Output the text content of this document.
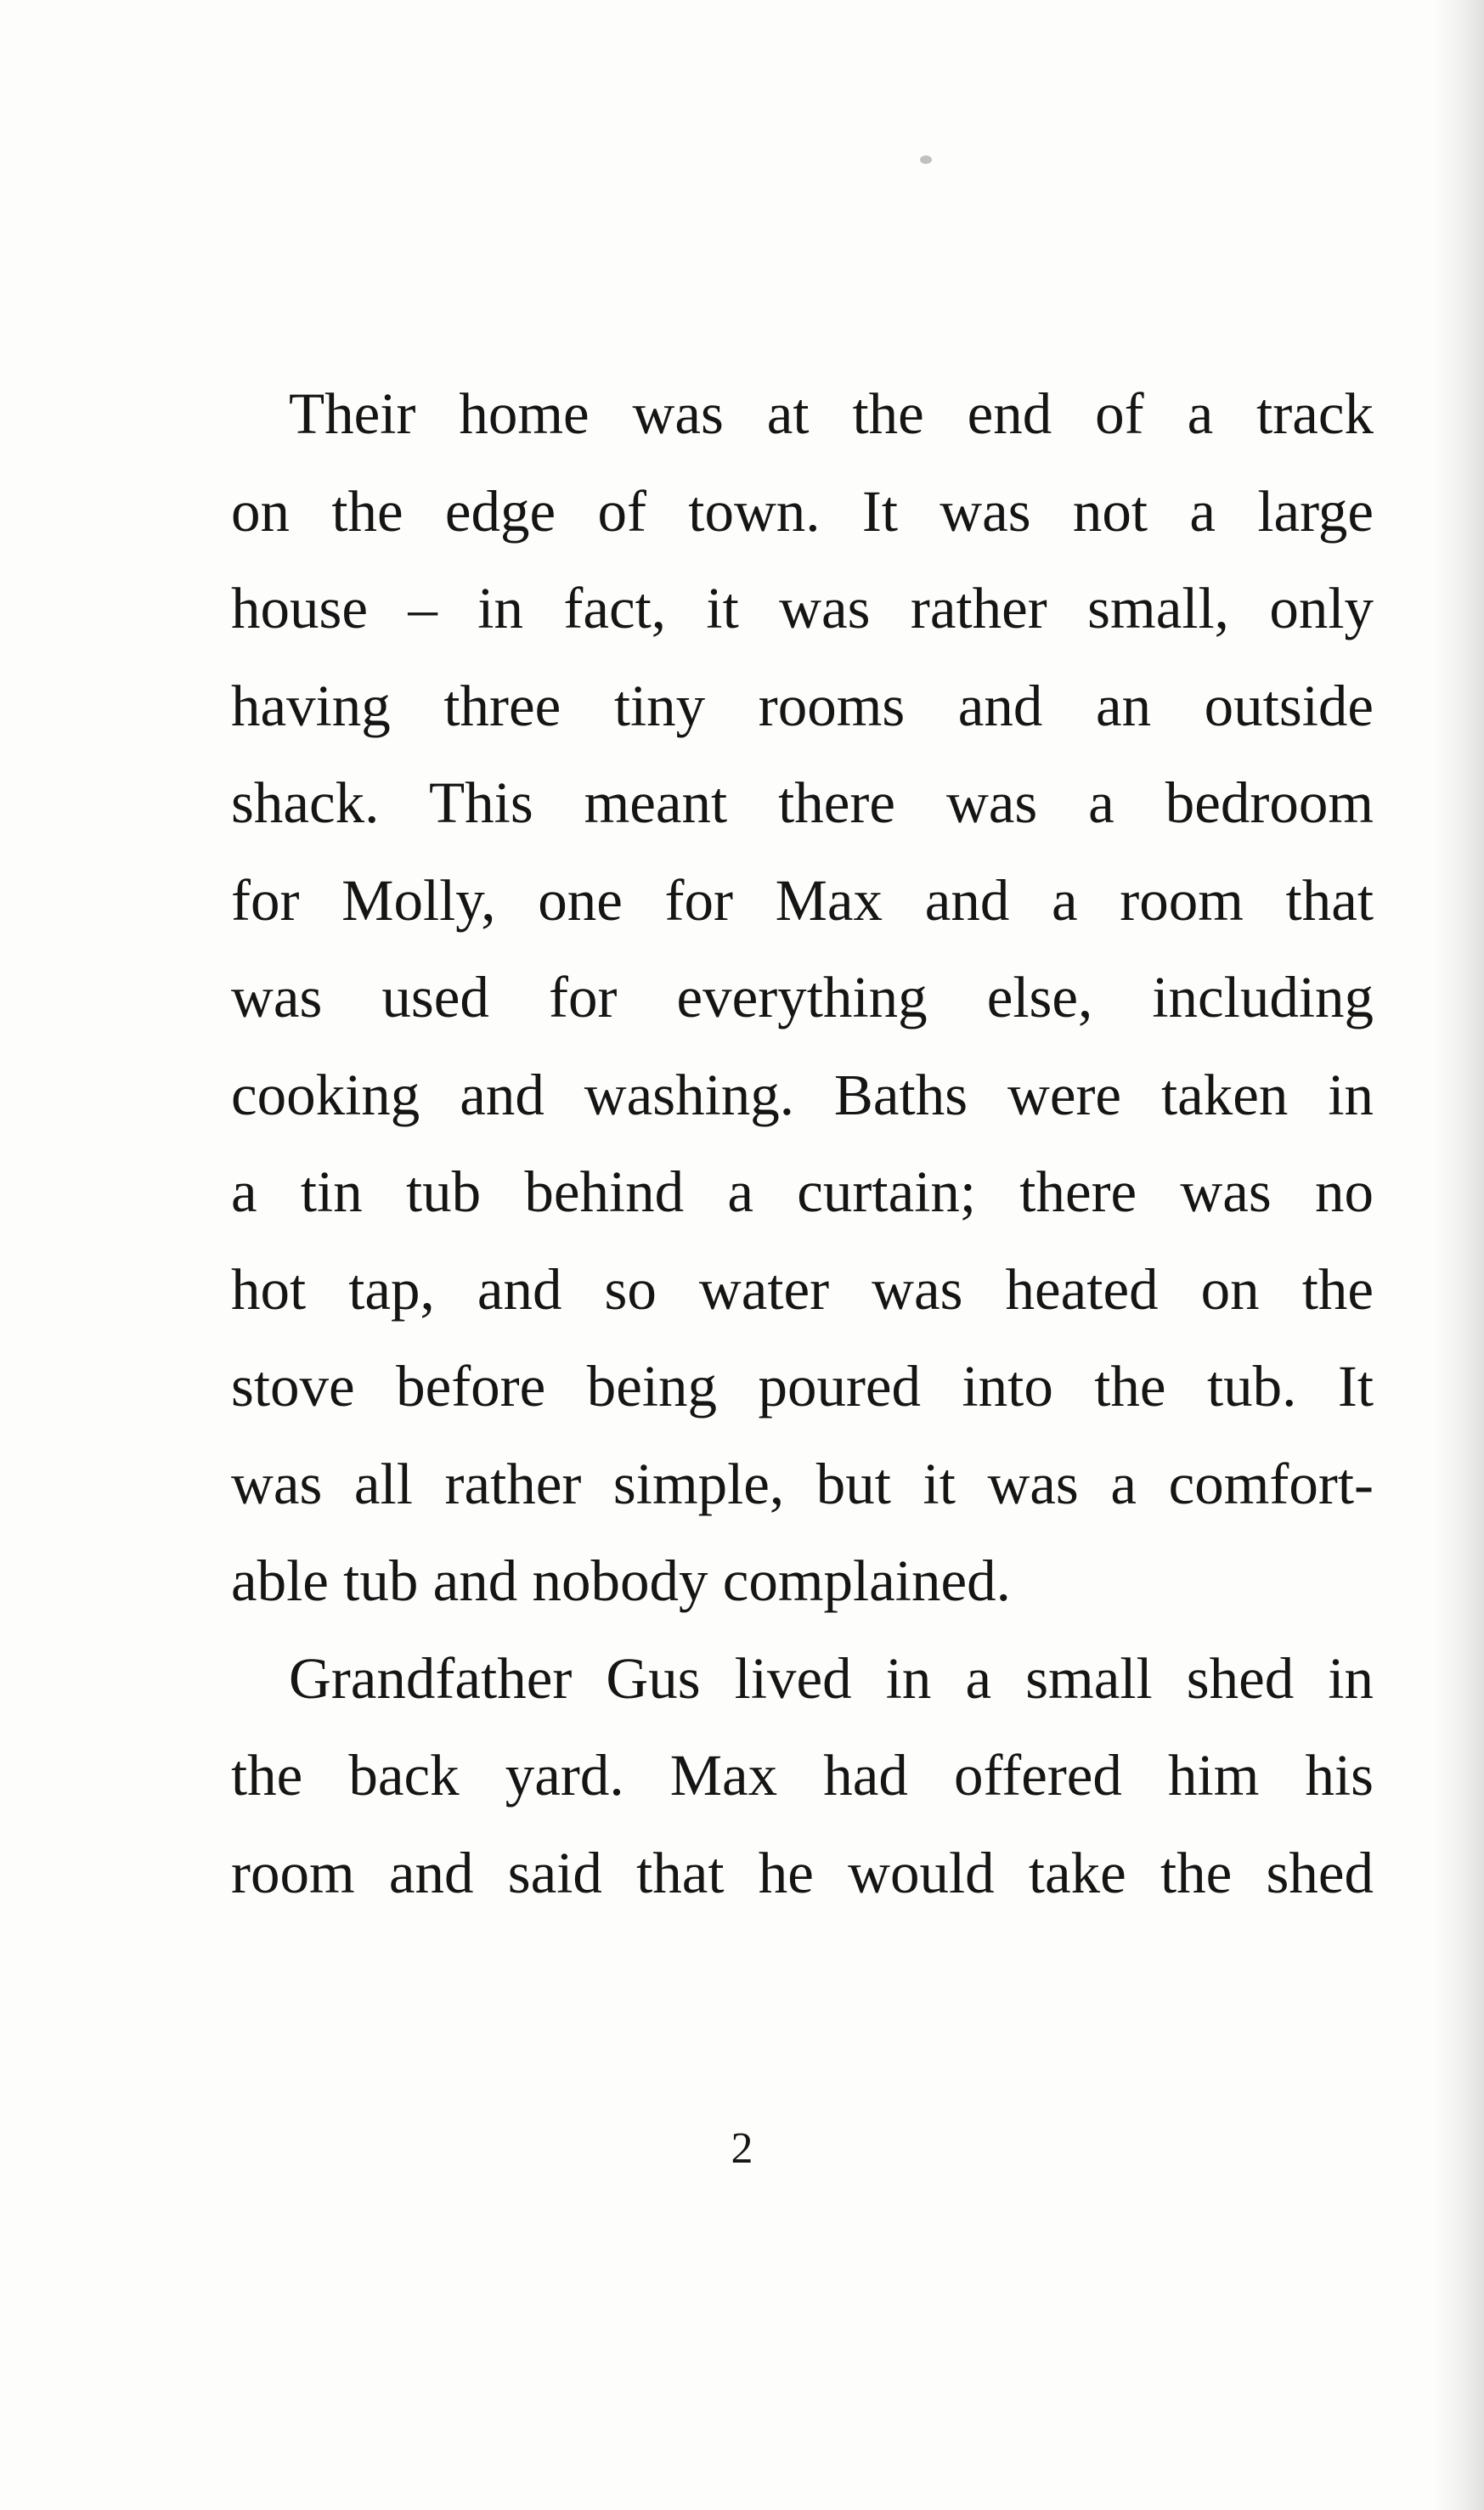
Their home was at the end of a track
on the edge of town. It was not a large
house – in fact, it was rather small, only
having three tiny rooms and an outside
shack. This meant there was a bedroom
for Molly, one for Max and a room that
was used for everything else, including
cooking and washing. Baths were taken in
a tin tub behind a curtain; there was no
hot tap, and so water was heated on the
stove before being poured into the tub. It
was all rather simple, but it was a comfort-
able tub and nobody complained.
Grandfather Gus lived in a small shed in
the back yard. Max had offered him his
room and said that he would take the shed
2
